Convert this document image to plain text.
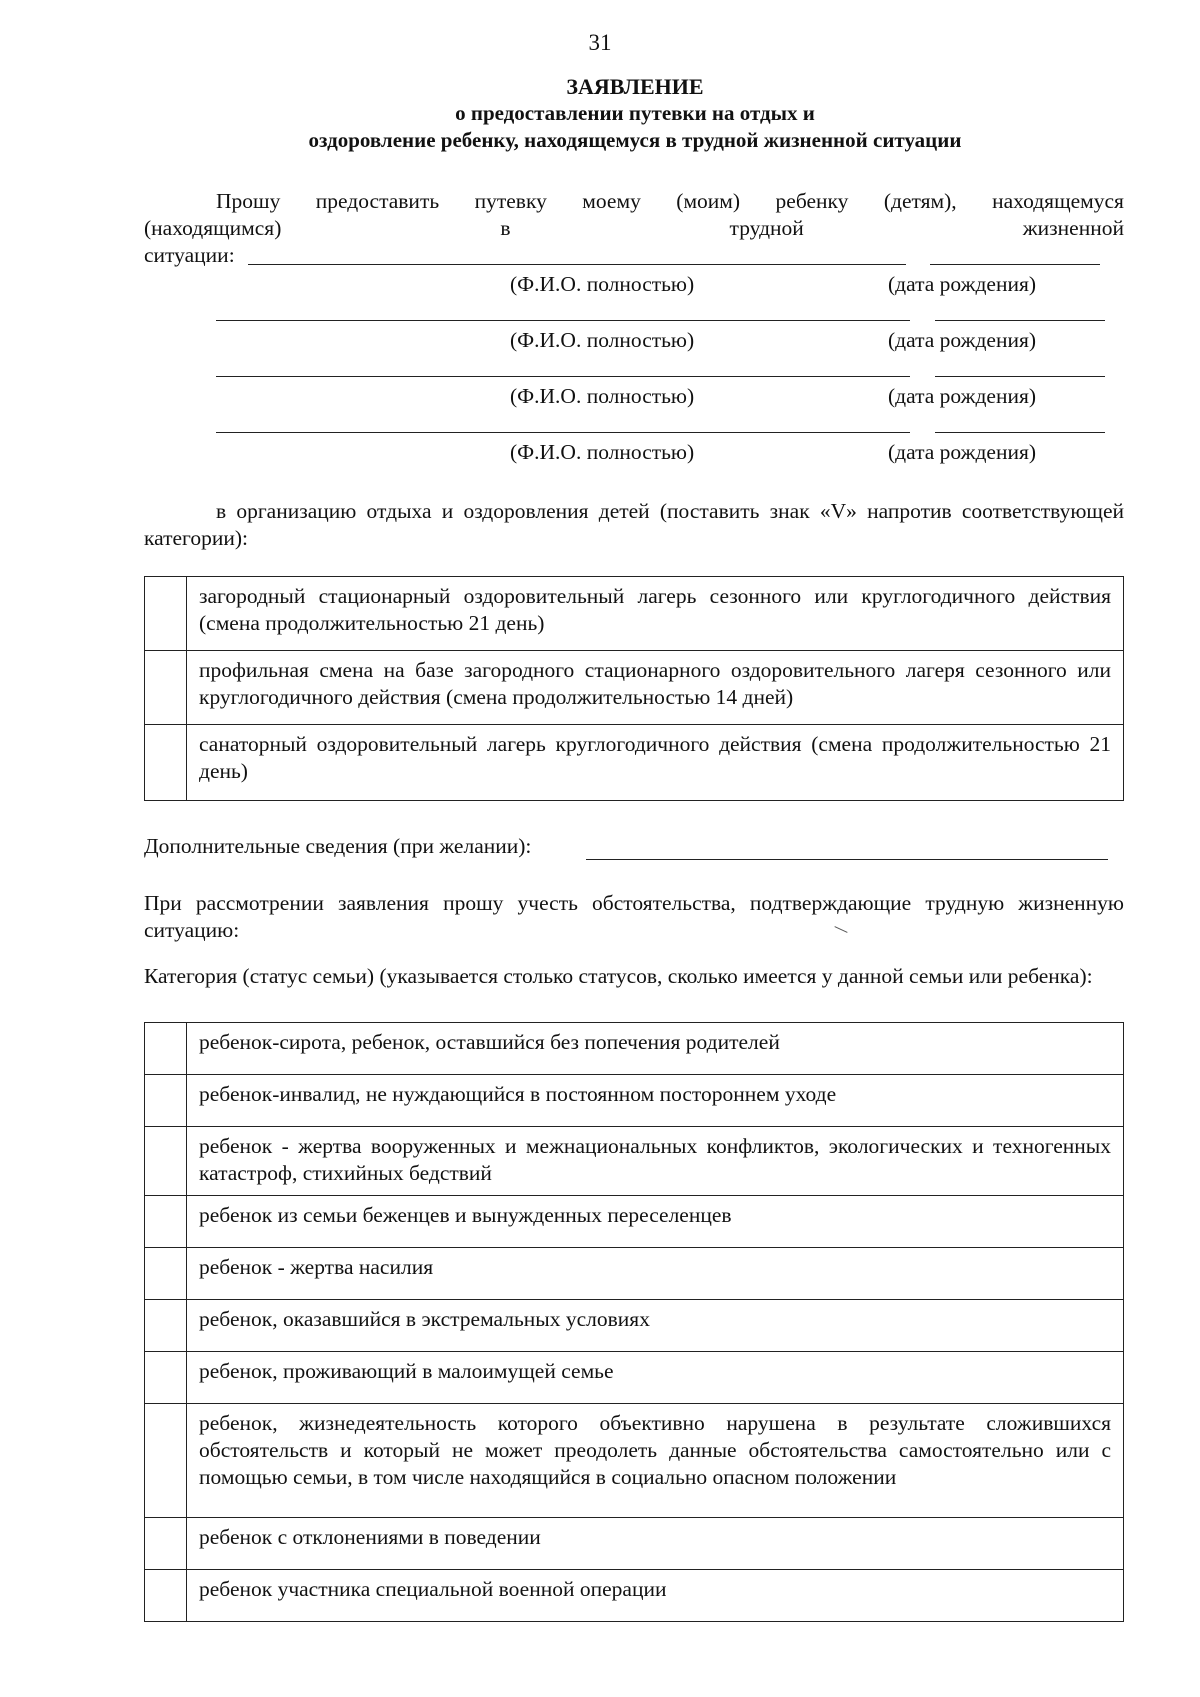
31
ЗАЯВЛЕНИЕ
о предоставлении путевки на отдых и
оздоровление ребенку, находящемуся в трудной жизненной ситуации
Прошу предоставить путевку моему (моим) ребенку (детям), находящемуся
(находящимся)	в	трудной	жизненной
ситуации:
(Ф.И.О. полностью)	(дата рождения)
(Ф.И.О. полностью)	(дата рождения)
(Ф.И.О. полностью)	(дата рождения)
(Ф.И.О. полностью)	(дата рождения)
в организацию отдыха и оздоровления детей (поставить знак «V» напротив соответствующей категории):
	загородный стационарный оздоровительный лагерь сезонного или круглогодичного действия (смена продолжительностью 21 день)
	профильная смена на базе загородного стационарного оздоровительного лагеря сезонного или круглогодичного действия (смена продолжительностью 14 дней)
	санаторный оздоровительный лагерь круглогодичного действия (смена продолжительностью 21 день)
Дополнительные сведения (при желании):
При рассмотрении заявления прошу учесть обстоятельства, подтверждающие трудную жизненную ситуацию:
Категория (статус семьи) (указывается столько статусов, сколько имеется у данной семьи или ребенка):
	ребенок-сирота, ребенок, оставшийся без попечения родителей
	ребенок-инвалид, не нуждающийся в постоянном постороннем уходе
	ребенок - жертва вооруженных и межнациональных конфликтов, экологических и техногенных катастроф, стихийных бедствий
	ребенок из семьи беженцев и вынужденных переселенцев
	ребенок - жертва насилия
	ребенок, оказавшийся в экстремальных условиях
	ребенок, проживающий в малоимущей семье
	ребенок, жизнедеятельность которого объективно нарушена в результате сложившихся обстоятельств и который не может преодолеть данные обстоятельства самостоятельно или с помощью семьи, в том числе находящийся в социально опасном положении
	ребенок с отклонениями в поведении
	ребенок участника специальной военной операции
